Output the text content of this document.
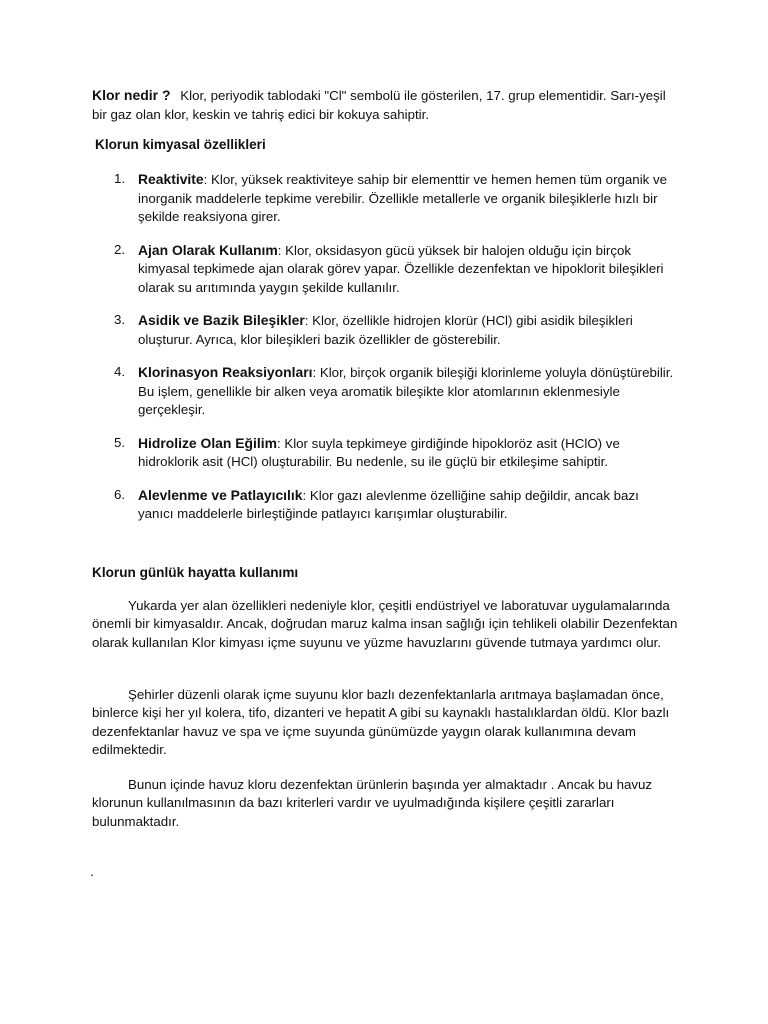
Klor nedir ? Klor, periyodik tablodaki "Cl" sembolü ile gösterilen, 17. grup elementidir. Sarı-yeşil bir gaz olan klor, keskin ve tahriş edici bir kokuya sahiptir.
Klorun kimyasal özellikleri
1. Reaktivite: Klor, yüksek reaktiviteye sahip bir elementtir ve hemen hemen tüm organik ve inorganik maddelerle tepkime verebilir. Özellikle metallerle ve organik bileşiklerle hızlı bir şekilde reaksiyona girer.
2. Ajan Olarak Kullanım: Klor, oksidasyon gücü yüksek bir halojen olduğu için birçok kimyasal tepkimede ajan olarak görev yapar. Özellikle dezenfektan ve hipoklorit bileşikleri olarak su arıtımında yaygın şekilde kullanılır.
3. Asidik ve Bazik Bileşikler: Klor, özellikle hidrojen klorür (HCl) gibi asidik bileşikleri oluşturur. Ayrıca, klor bileşikleri bazik özellikler de gösterebilir.
4. Klorinasyon Reaksiyonları: Klor, birçok organik bileşiği klorinleme yoluyla dönüştürebilir. Bu işlem, genellikle bir alken veya aromatik bileşikte klor atomlarının eklenmesiyle gerçekleşir.
5. Hidrolize Olan Eğilim: Klor suyla tepkimeye girdiğinde hipokloröz asit (HClO) ve hidroklorik asit (HCl) oluşturabilir. Bu nedenle, su ile güçlü bir etkileşime sahiptir.
6. Alevlenme ve Patlayıcılık: Klor gazı alevlenme özelliğine sahip değildir, ancak bazı yanıcı maddelerle birleştiğinde patlayıcı karışımlar oluşturabilir.
Klorun günlük hayatta kullanımı

Yukarda yer alan özellikleri nedeniyle klor, çeşitli endüstriyel ve laboratuvar uygulamalarında önemli bir kimyasaldır. Ancak, doğrudan maruz kalma insan sağlığı için tehlikeli olabilir Dezenfektan olarak kullanılan Klor kimyası içme suyunu ve yüzme havuzlarını güvende tutmaya yardımcı olur.

Şehirler düzenli olarak içme suyunu klor bazlı dezenfektanlarla arıtmaya başlamadan önce, binlerce kişi her yıl kolera, tifo, dizanteri ve hepatit A gibi su kaynaklı hastalıklardan öldü. Klor bazlı dezenfektanlar havuz ve spa ve içme suyunda günümüzde yaygın olarak kullanımına devam edilmektedir.

Bunun içinde havuz kloru dezenfektan ürünlerin başında yer almaktadır . Ancak bu havuz klorunun kullanılmasının da bazı kriterleri vardır ve uyulmadığında kişilere çeşitli zararları bulunmaktadır.

.
